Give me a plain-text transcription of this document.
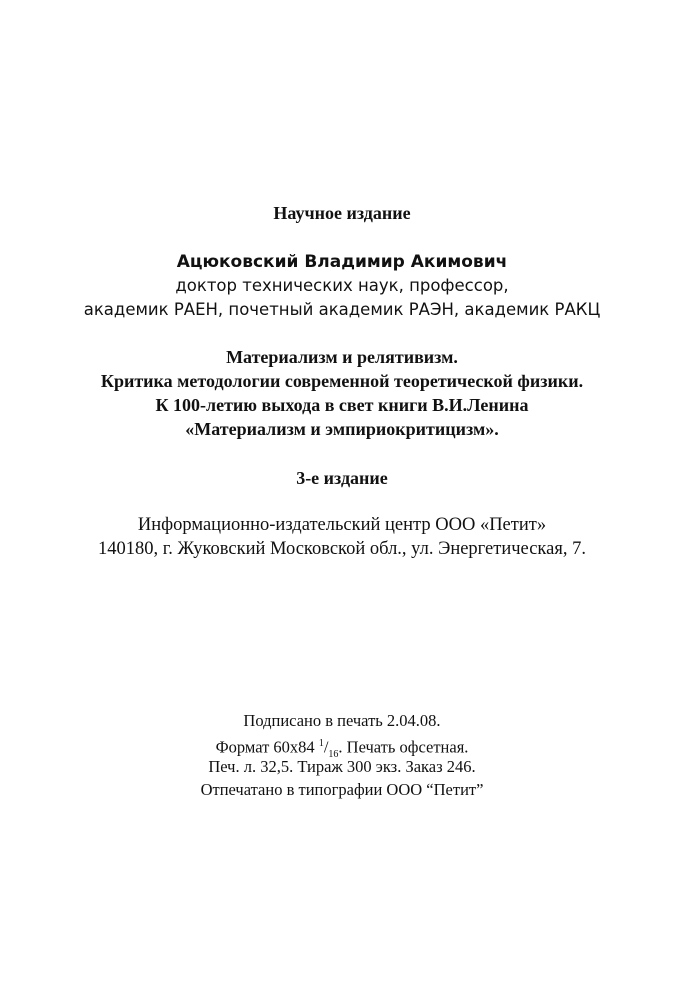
Научное издание
Ацюковский Владимир Акимович
доктор технических наук, профессор,
академик РАЕН, почетный академик РАЭН, академик РАКЦ
Материализм и релятивизм.
Критика методологии современной теоретической физики.
К 100-летию выхода в свет книги В.И.Ленина
«Материализм и эмпириокритицизм».
3-е издание
Информационно-издательский центр ООО «Петит»
140180, г. Жуковский Московской обл., ул. Энергетическая, 7.
Подписано в печать 2.04.08.
Формат 60x84 $^1/_{16}$. Печать офсетная.
Печ. л. 32,5. Тираж 300 экз. Заказ 246.
Отпечатано в типографии ООО “Петит”
